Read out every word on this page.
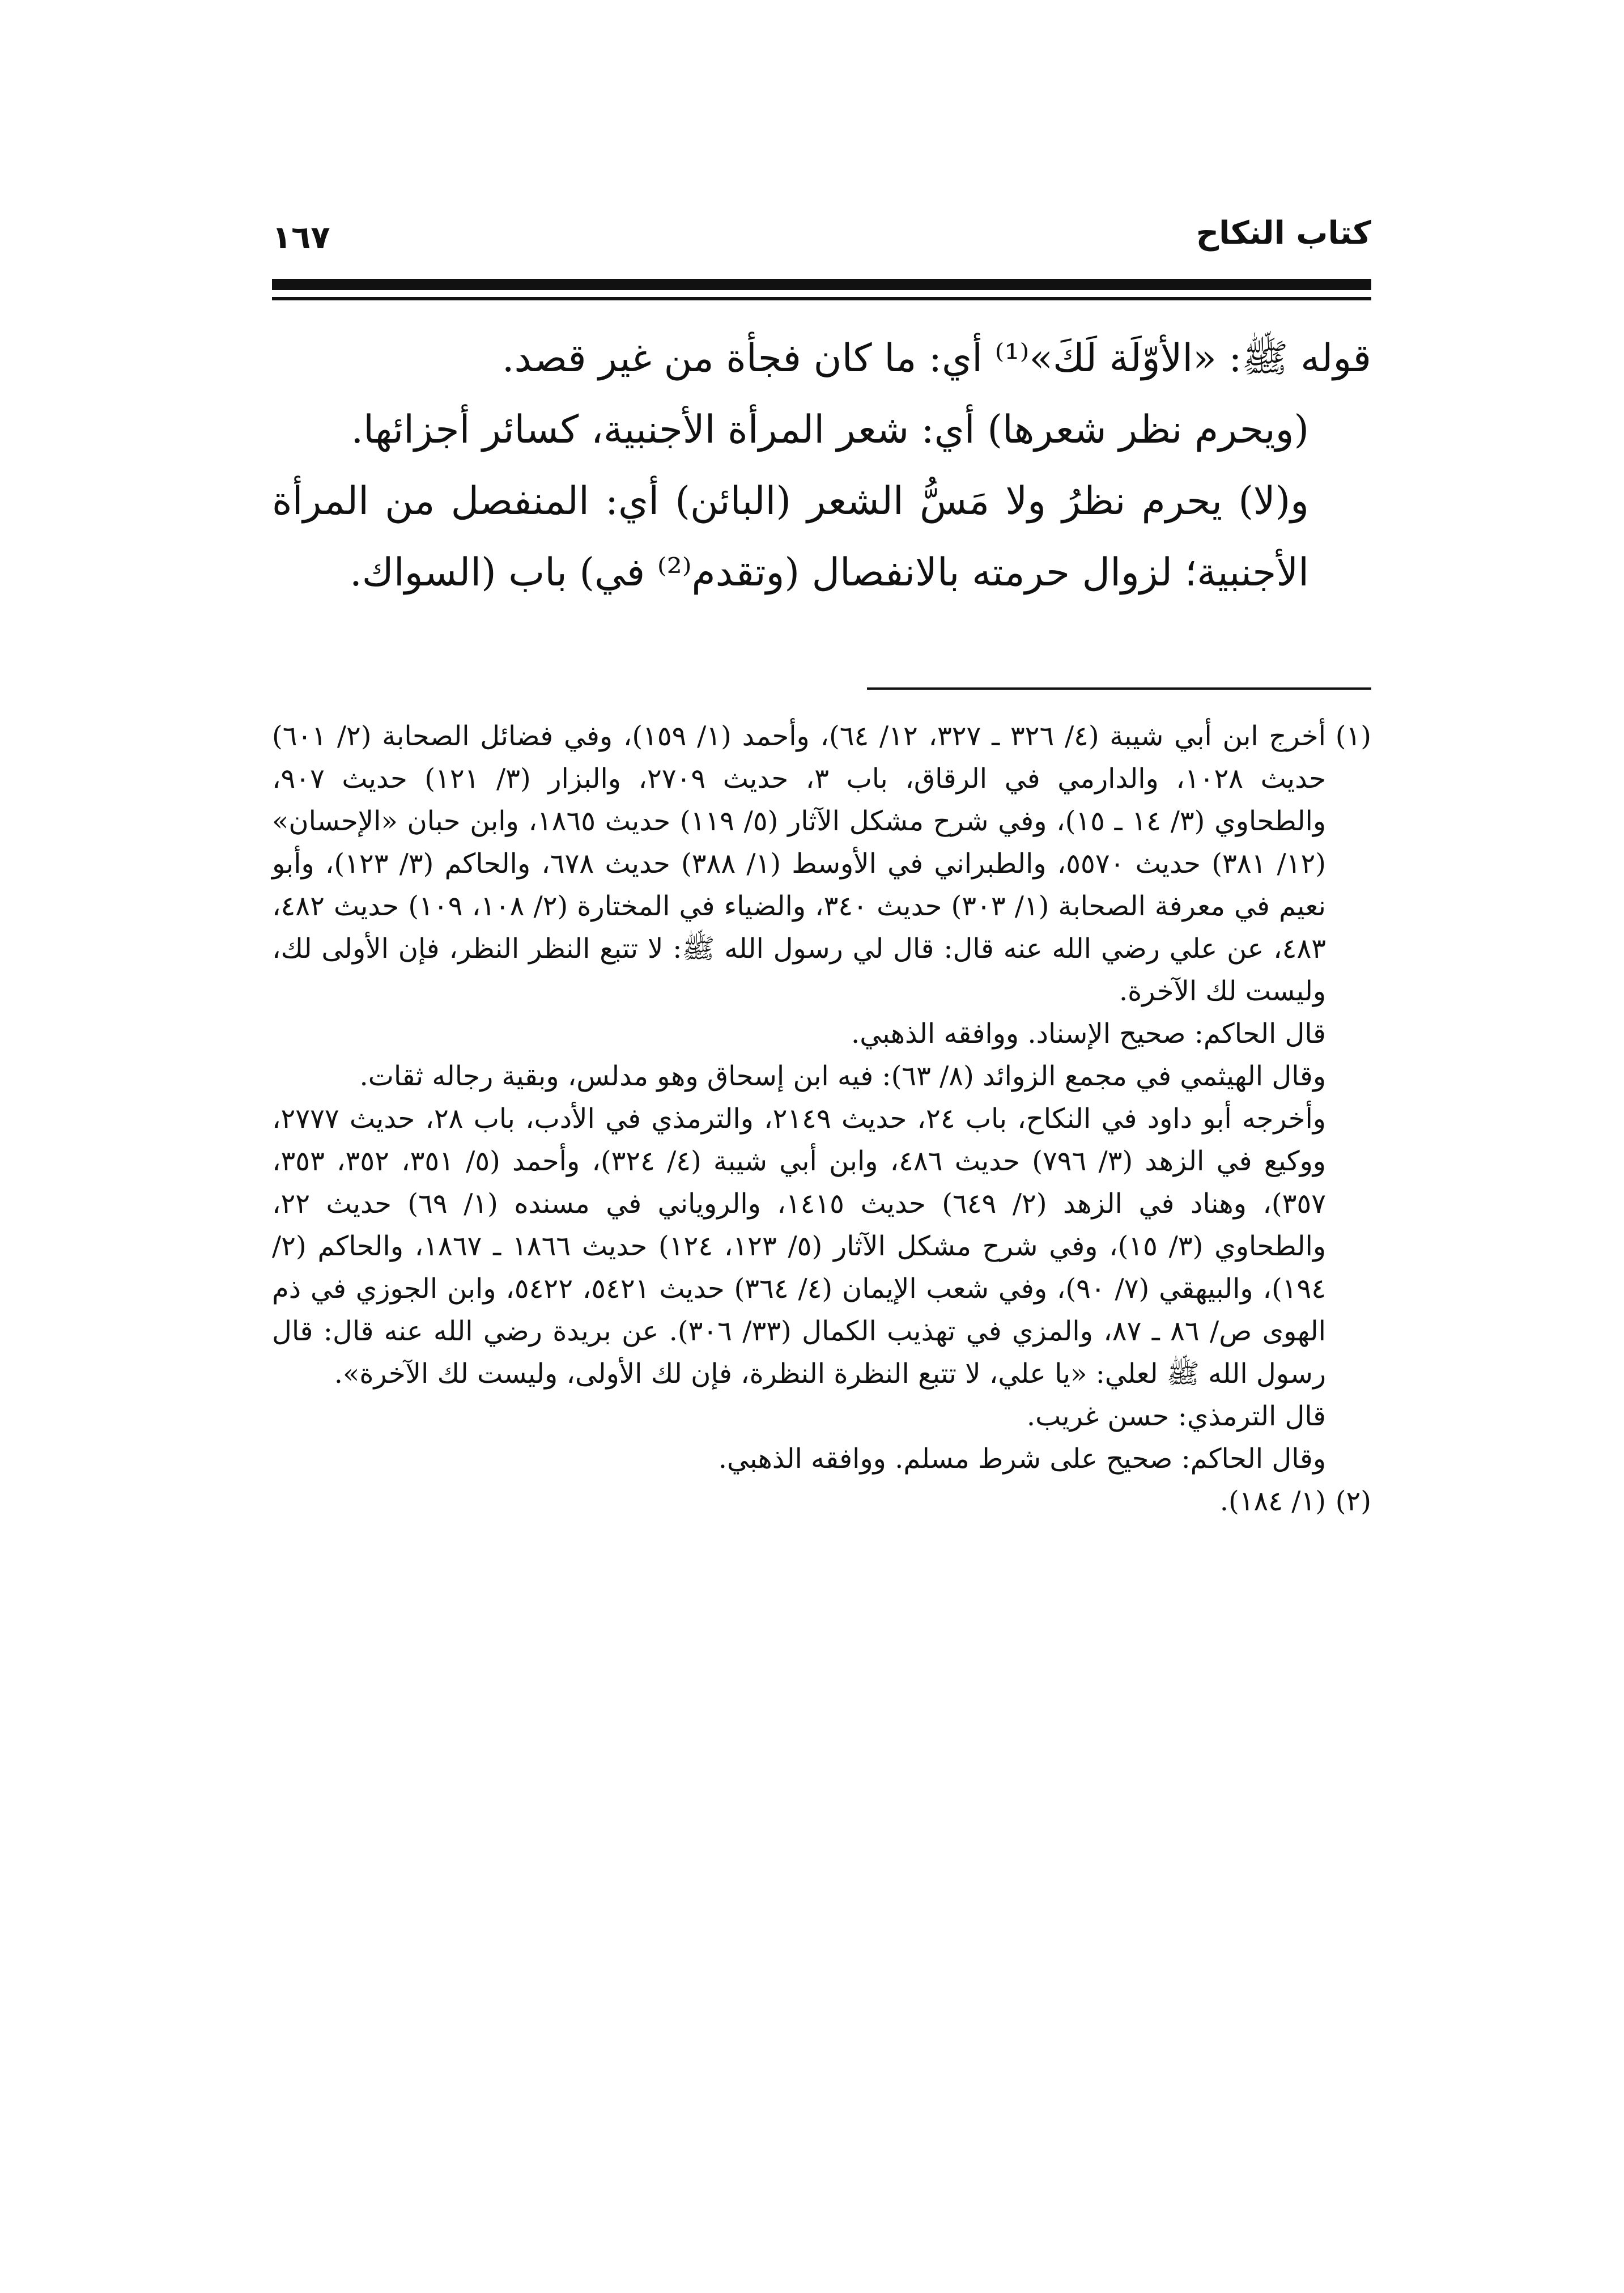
كتاب النكاح
١٦٧

قوله ﷺ: «الأوّلَة لَكَ»⁽¹⁾ أي: ما كان فجأة من غير قصد.

(ويحرم نظر شعرها) أي: شعر المرأة الأجنبية، كسائر أجزائها.

و(لا) يحرم نظرُ ولا مَسُّ الشعر (البائن) أي: المنفصل من المرأة الأجنبية؛ لزوال حرمته بالانفصال (وتقدم⁽²⁾ في) باب (السواك.

(١)

أخرج ابن أبي شيبة (٤/ ٣٢٦ ـ ٣٢٧، ١٢/ ٦٤)، وأحمد (١/ ١٥٩)، وفي فضائل الصحابة (٢/ ٦٠١) حديث ١٠٢٨، والدارمي في الرقاق، باب ٣، حديث ٢٧٠٩، والبزار (٣/ ١٢١) حديث ٩٠٧، والطحاوي (٣/ ١٤ ـ ١٥)، وفي شرح مشكل الآثار (٥/ ١١٩) حديث ١٨٦٥، وابن حبان «الإحسان» (١٢/ ٣٨١) حديث ٥٥٧٠، والطبراني في الأوسط (١/ ٣٨٨) حديث ٦٧٨، والحاكم (٣/ ١٢٣)، وأبو نعيم في معرفة الصحابة (١/ ٣٠٣) حديث ٣٤٠، والضياء في المختارة (٢/ ١٠٨، ١٠٩) حديث ٤٨٢، ٤٨٣، عن علي رضي الله عنه قال: قال لي رسول الله ﷺ: لا تتبع النظر النظر، فإن الأولى لك، وليست لك الآخرة.

قال الحاكم: صحيح الإسناد. ووافقه الذهبي.

وقال الهيثمي في مجمع الزوائد (٨/ ٦٣): فيه ابن إسحاق وهو مدلس، وبقية رجاله ثقات.

وأخرجه أبو داود في النكاح، باب ٢٤، حديث ٢١٤٩، والترمذي في الأدب، باب ٢٨، حديث ٢٧٧٧، ووكيع في الزهد (٣/ ٧٩٦) حديث ٤٨٦، وابن أبي شيبة (٤/ ٣٢٤)، وأحمد (٥/ ٣٥١، ٣٥٢، ٣٥٣، ٣٥٧)، وهناد في الزهد (٢/ ٦٤٩) حديث ١٤١٥، والروياني في مسنده (١/ ٦٩) حديث ٢٢، والطحاوي (٣/ ١٥)، وفي شرح مشكل الآثار (٥/ ١٢٣، ١٢٤) حديث ١٨٦٦ ـ ١٨٦٧، والحاكم (٢/ ١٩٤)، والبيهقي (٧/ ٩٠)، وفي شعب الإيمان (٤/ ٣٦٤) حديث ٥٤٢١، ٥٤٢٢، وابن الجوزي في ذم الهوى ص/ ٨٦ ـ ٨٧، والمزي في تهذيب الكمال (٣٣/ ٣٠٦). عن بريدة رضي الله عنه قال: قال رسول الله ﷺ لعلي: «يا علي، لا تتبع النظرة النظرة، فإن لك الأولى، وليست لك الآخرة».

قال الترمذي: حسن غريب.

وقال الحاكم: صحيح على شرط مسلم. ووافقه الذهبي.

(٢)

(١/ ١٨٤).
